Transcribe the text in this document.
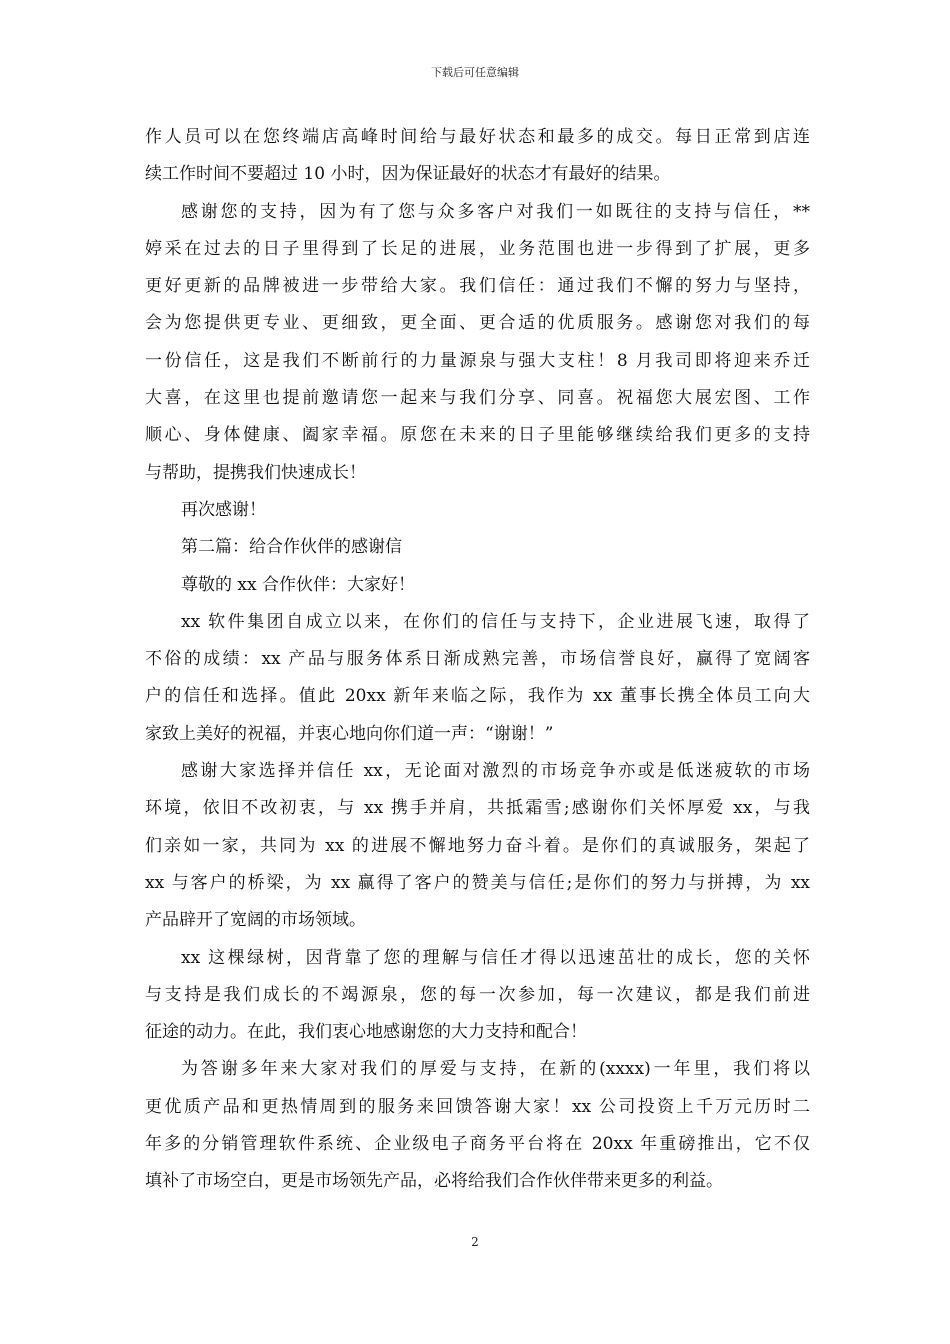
下载后可任意编辑
作人员可以在您终端店高峰时间给与最好状态和最多的成交。每日正常到店连
续工作时间不要超过 10 小时，因为保证最好的状态才有最好的结果。
感谢您的支持，因为有了您与众多客户对我们一如既往的支持与信任，**
婷采在过去的日子里得到了长足的进展，业务范围也进一步得到了扩展，更多
更好更新的品牌被进一步带给大家。我们信任：通过我们不懈的努力与坚持，
会为您提供更专业、更细致，更全面、更合适的优质服务。感谢您对我们的每
一份信任，这是我们不断前行的力量源泉与强大支柱！8 月我司即将迎来乔迁
大喜，在这里也提前邀请您一起来与我们分享、同喜。祝福您大展宏图、工作
顺心、身体健康、阖家幸福。原您在未来的日子里能够继续给我们更多的支持
与帮助，提携我们快速成长！
再次感谢！
第二篇：给合作伙伴的感谢信
尊敬的 xx 合作伙伴：大家好！
xx 软件集团自成立以来，在你们的信任与支持下，企业进展飞速，取得了
不俗的成绩：xx 产品与服务体系日渐成熟完善，市场信誉良好，赢得了宽阔客
户的信任和选择。值此 20xx 新年来临之际，我作为 xx 董事长携全体员工向大
家致上美好的祝福，并衷心地向你们道一声：“谢谢！”
感谢大家选择并信任 xx，无论面对激烈的市场竞争亦或是低迷疲软的市场
环境，依旧不改初衷，与 xx 携手并肩，共抵霜雪;感谢你们关怀厚爱 xx，与我
们亲如一家，共同为 xx 的进展不懈地努力奋斗着。是你们的真诚服务，架起了
xx 与客户的桥梁，为 xx 赢得了客户的赞美与信任;是你们的努力与拼搏，为 xx
产品辟开了宽阔的市场领域。
xx 这棵绿树，因背靠了您的理解与信任才得以迅速茁壮的成长，您的关怀
与支持是我们成长的不竭源泉，您的每一次参加，每一次建议，都是我们前进
征途的动力。在此，我们衷心地感谢您的大力支持和配合！
为答谢多年来大家对我们的厚爱与支持，在新的(xxxx)一年里，我们将以
更优质产品和更热情周到的服务来回馈答谢大家！xx 公司投资上千万元历时二
年多的分销管理软件系统、企业级电子商务平台将在 20xx 年重磅推出，它不仅
填补了市场空白，更是市场领先产品，必将给我们合作伙伴带来更多的利益。
2
